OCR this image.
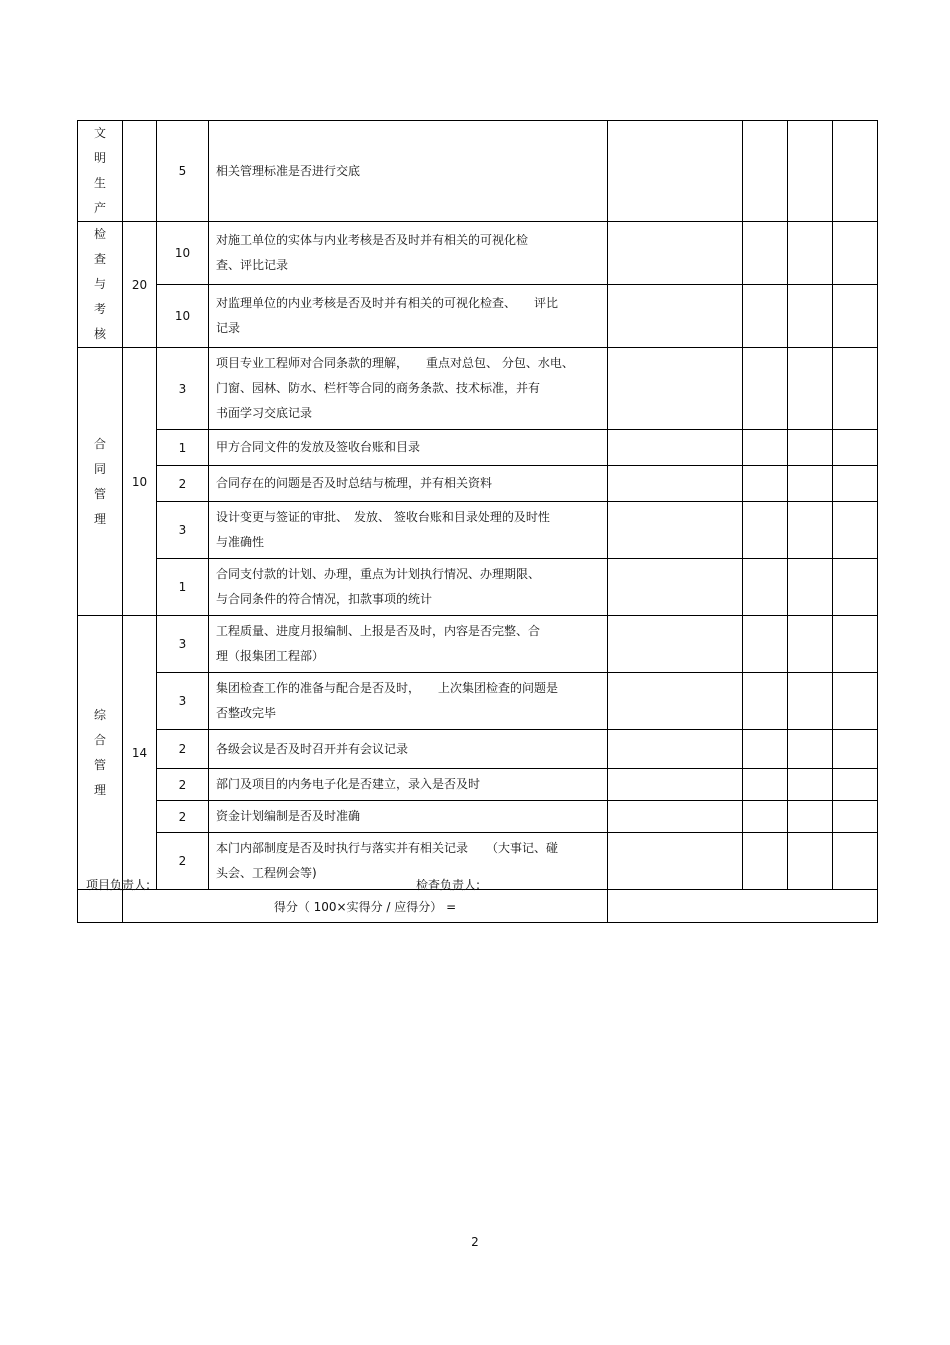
文
明
生
产		5	相关管理标准是否进行交底				

检
查
与
考
核	20	10	对施工单位的实体与内业考核是否及时并有相关的可视化检
查、评比记录				
		10	对监理单位的内业考核是否及时并有相关的可视化检查、　　评比
记录				

合
同
管
理	10	3	项目专业工程师对合同条款的理解，　　重点对总包、 分包、水电、
门窗、园林、防水、栏杆等合同的商务条款、技术标准，并有
书面学习交底记录				
		1	甲方合同文件的发放及签收台账和目录				
		2	合同存在的问题是否及时总结与梳理，并有相关资料				
		3	设计变更与签证的审批、　发放、 签收台账和目录处理的及时性
与准确性				
		1	合同支付款的计划、办理，重点为计划执行情况、办理期限、
与合同条件的符合情况，扣款事项的统计				

综
合
管
理	14	3	工程质量、进度月报编制、上报是否及时，内容是否完整、合
理（报集团工程部）				
		3	集团检查工作的准备与配合是否及时，　　上次集团检查的问题是
否整改完毕				
		2	各级会议是否及时召开并有会议记录				
		2	部门及项目的内务电子化是否建立，录入是否及时				
		2	资金计划编制是否及时准确				
		2	本门内部制度是否及时执行与落实并有相关记录　　（大事记、碰
头会、工程例会等)				
	得分（ 100×实得分 / 应得分） =						
项目负责人:	检查负责人:
2
